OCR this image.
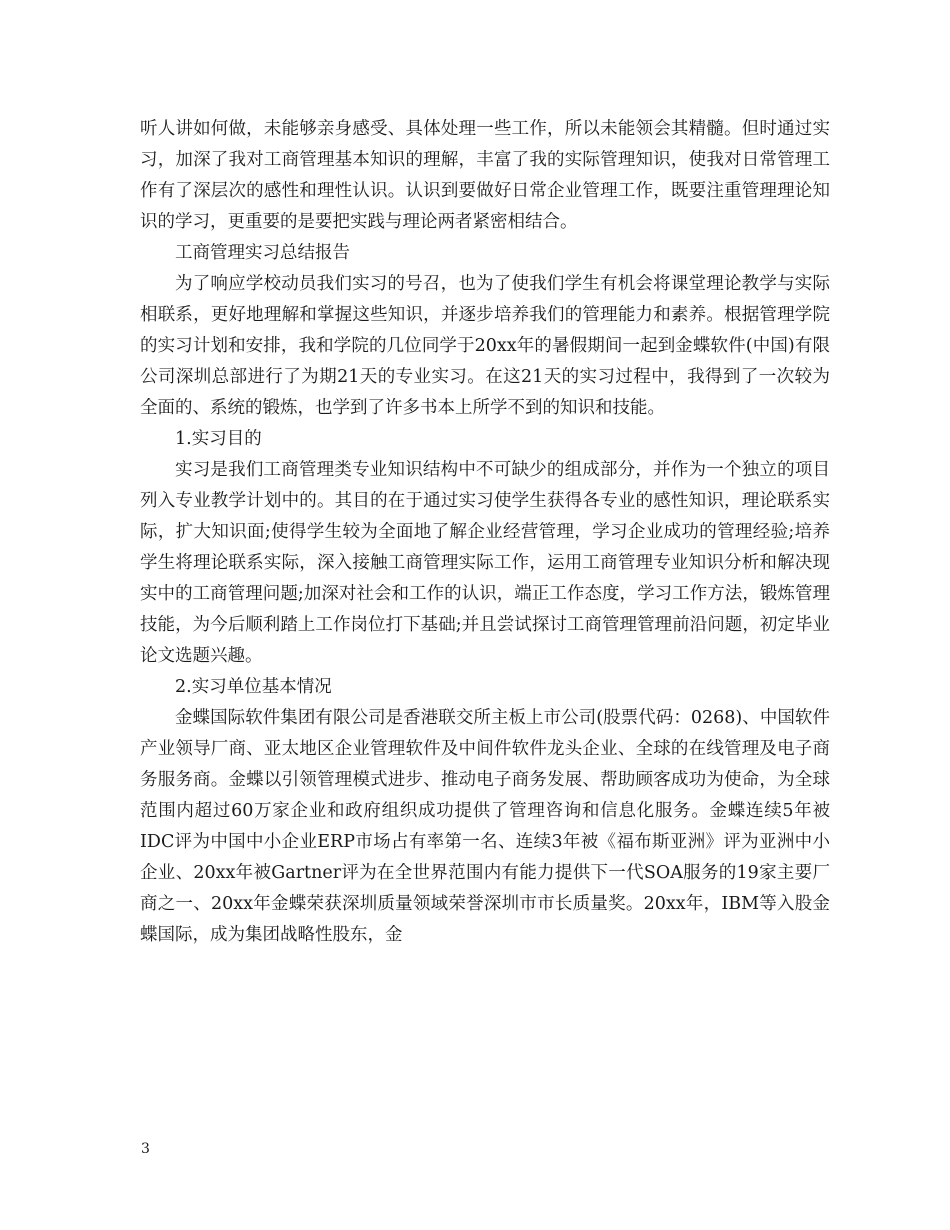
听人讲如何做，未能够亲身感受、具体处理一些工作，所以未能领会其精髓。但时通过实习，加深了我对工商管理基本知识的理解，丰富了我的实际管理知识，使我对日常管理工作有了深层次的感性和理性认识。认识到要做好日常企业管理工作，既要注重管理理论知识的学习，更重要的是要把实践与理论两者紧密相结合。

工商管理实习总结报告

为了响应学校动员我们实习的号召，也为了使我们学生有机会将课堂理论教学与实际相联系，更好地理解和掌握这些知识，并逐步培养我们的管理能力和素养。根据管理学院的实习计划和安排，我和学院的几位同学于20xx年的暑假期间一起到金蝶软件(中国)有限公司深圳总部进行了为期21天的专业实习。在这21天的实习过程中，我得到了一次较为全面的、系统的锻炼，也学到了许多书本上所学不到的知识和技能。

1.实习目的

实习是我们工商管理类专业知识结构中不可缺少的组成部分，并作为一个独立的项目列入专业教学计划中的。其目的在于通过实习使学生获得各专业的感性知识，理论联系实际，扩大知识面;使得学生较为全面地了解企业经营管理，学习企业成功的管理经验;培养学生将理论联系实际，深入接触工商管理实际工作，运用工商管理专业知识分析和解决现实中的工商管理问题;加深对社会和工作的认识，端正工作态度，学习工作方法，锻炼管理技能，为今后顺利踏上工作岗位打下基础;并且尝试探讨工商管理管理前沿问题，初定毕业论文选题兴趣。

2.实习单位基本情况

金蝶国际软件集团有限公司是香港联交所主板上市公司(股票代码：0268)、中国软件产业领导厂商、亚太地区企业管理软件及中间件软件龙头企业、全球的在线管理及电子商务服务商。金蝶以引领管理模式进步、推动电子商务发展、帮助顾客成功为使命，为全球范围内超过60万家企业和政府组织成功提供了管理咨询和信息化服务。金蝶连续5年被IDC评为中国中小企业ERP市场占有率第一名、连续3年被《福布斯亚洲》评为亚洲中小企业、20xx年被Gartner评为在全世界范围内有能力提供下一代SOA服务的19家主要厂商之一、20xx年金蝶荣获深圳质量领域荣誉深圳市市长质量奖。20xx年，IBM等入股金蝶国际，成为集团战略性股东，金

3
